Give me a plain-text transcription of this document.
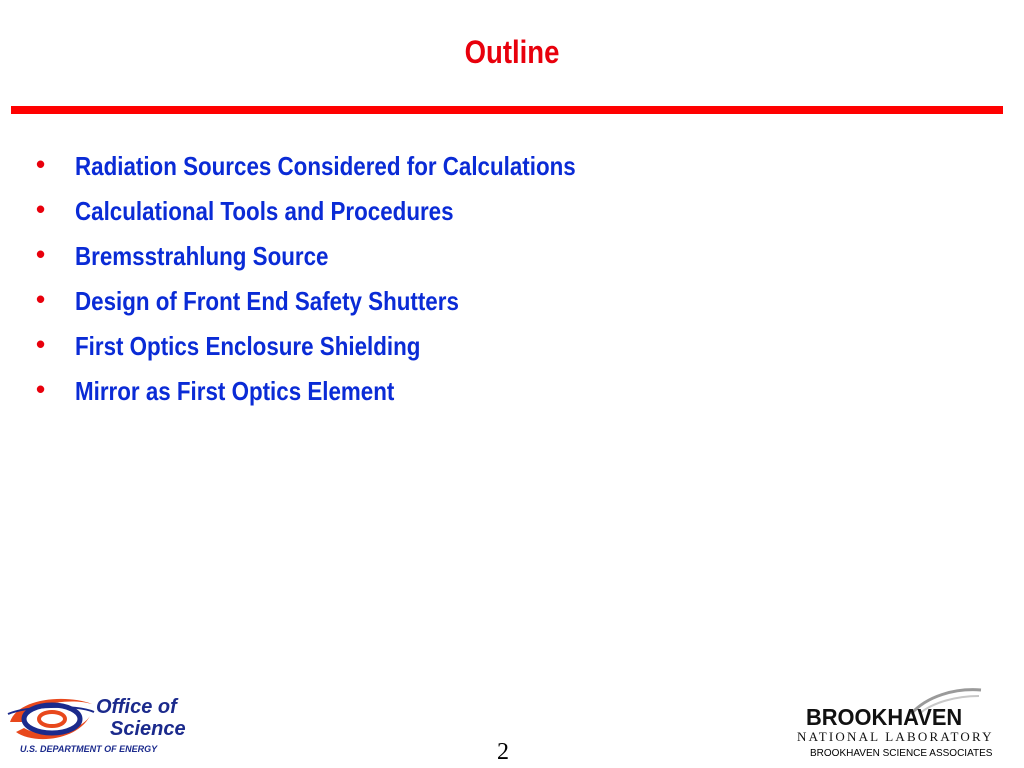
Outline
•	Radiation Sources Considered for Calculations
•	Calculational Tools and Procedures
•	Bremsstrahlung Source
•	Design of Front End Safety Shutters
•	First Optics Enclosure Shielding
•	Mirror as First Optics Element
Office of
Science
U.S. DEPARTMENT OF ENERGY	2
BROOKHAVEN
NATIONAL LABORATORY
BROOKHAVEN SCIENCE ASSOCIATES
